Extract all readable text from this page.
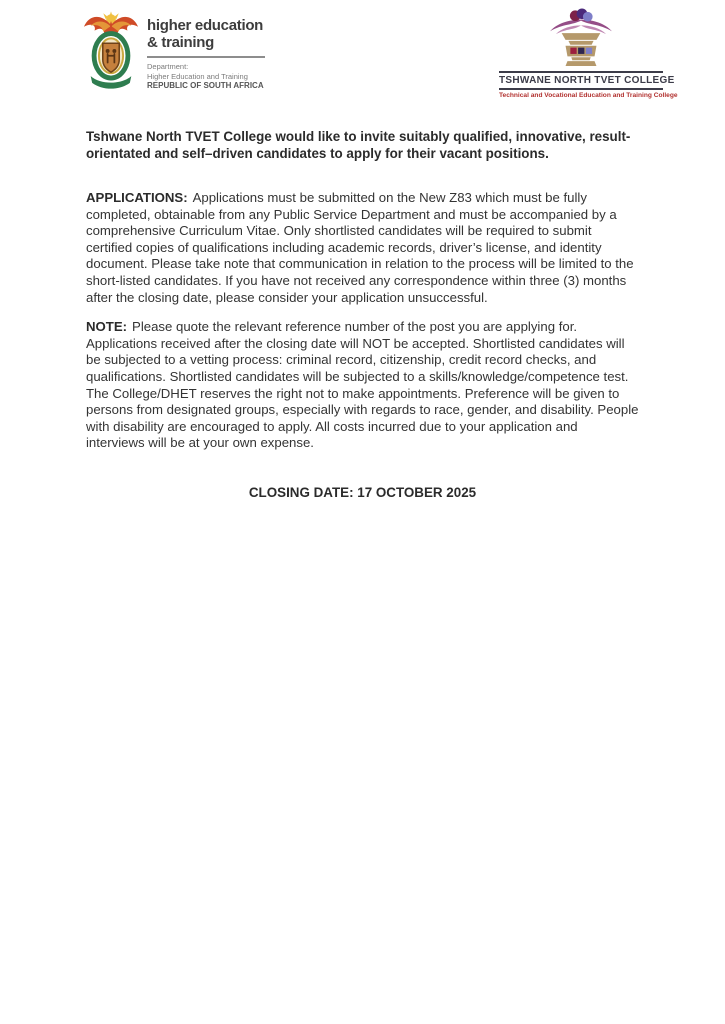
higher education
& training
Department:
Higher Education and Training
REPUBLIC OF SOUTH AFRICA	TSHWANE NORTH TVET COLLEGE
Technical and Vocational Education and Training College

Tshwane North TVET College would like to invite suitably qualified, innovative, result-orientated and self–driven candidates to apply for their vacant positions.

APPLICATIONS: Applications must be submitted on the New Z83 which must be fully completed, obtainable from any Public Service Department and must be accompanied by a comprehensive Curriculum Vitae. Only shortlisted candidates will be required to submit certified copies of qualifications including academic records, driver’s license, and identity document. Please take note that communication in relation to the process will be limited to the short-listed candidates. If you have not received any correspondence within three (3) months after the closing date, please consider your application unsuccessful.

NOTE: Please quote the relevant reference number of the post you are applying for. Applications received after the closing date will NOT be accepted. Shortlisted candidates will be subjected to a vetting process: criminal record, citizenship, credit record checks, and qualifications. Shortlisted candidates will be subjected to a skills/knowledge/competence test. The College/DHET reserves the right not to make appointments. Preference will be given to persons from designated groups, especially with regards to race, gender, and disability. People with disability are encouraged to apply. All costs incurred due to your application and interviews will be at your own expense.

CLOSING DATE: 17 OCTOBER 2025
